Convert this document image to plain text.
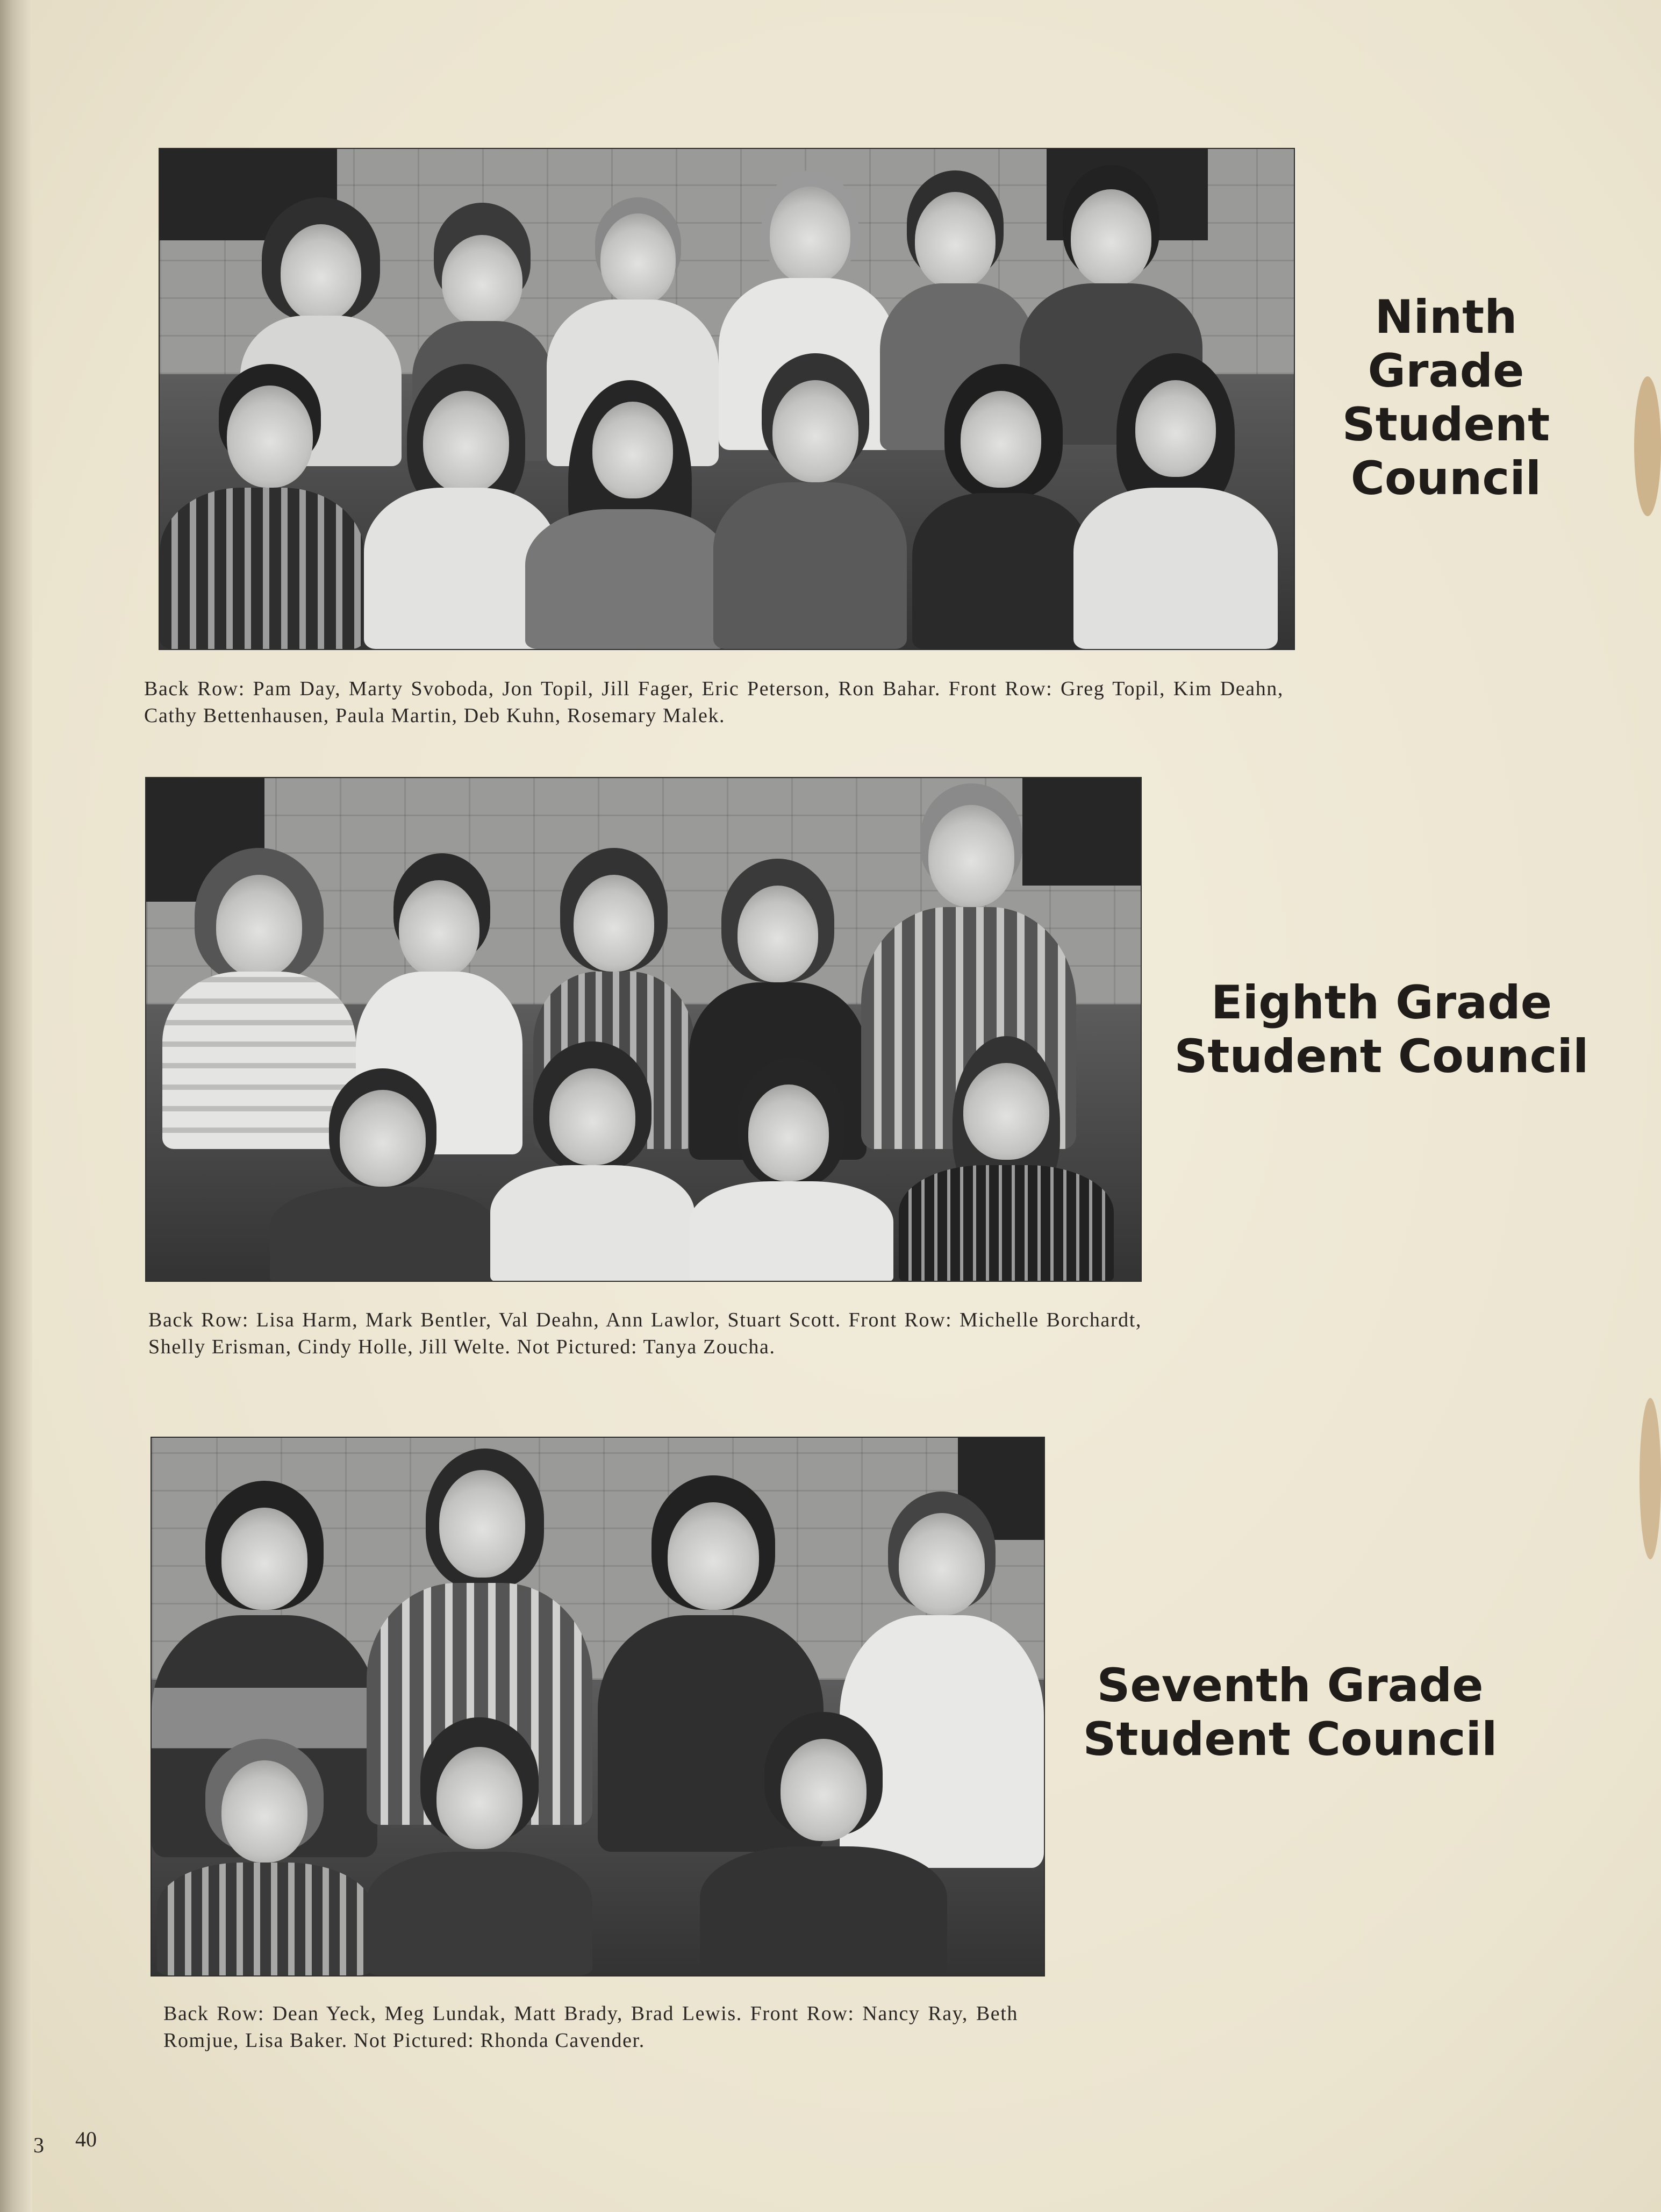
Back Row: Pam Day, Marty Svoboda, Jon Topil, Jill Fager, Eric Peterson, Ron Bahar. Front Row: Greg Topil, Kim Deahn, Cathy Bettenhausen, Paula Martin, Deb Kuhn, Rosemary Malek.
Ninth
Grade
Student
Council
Back Row: Lisa Harm, Mark Bentler, Val Deahn, Ann Lawlor, Stuart Scott. Front Row: Michelle Borchardt, Shelly Erisman, Cindy Holle, Jill Welte. Not Pictured: Tanya Zoucha.
Eighth Grade
Student Council
Back Row: Dean Yeck, Meg Lundak, Matt Brady, Brad Lewis. Front Row: Nancy Ray, Beth Romjue, Lisa Baker. Not Pictured: Rhonda Cavender.
Seventh Grade
Student Council
3 40
